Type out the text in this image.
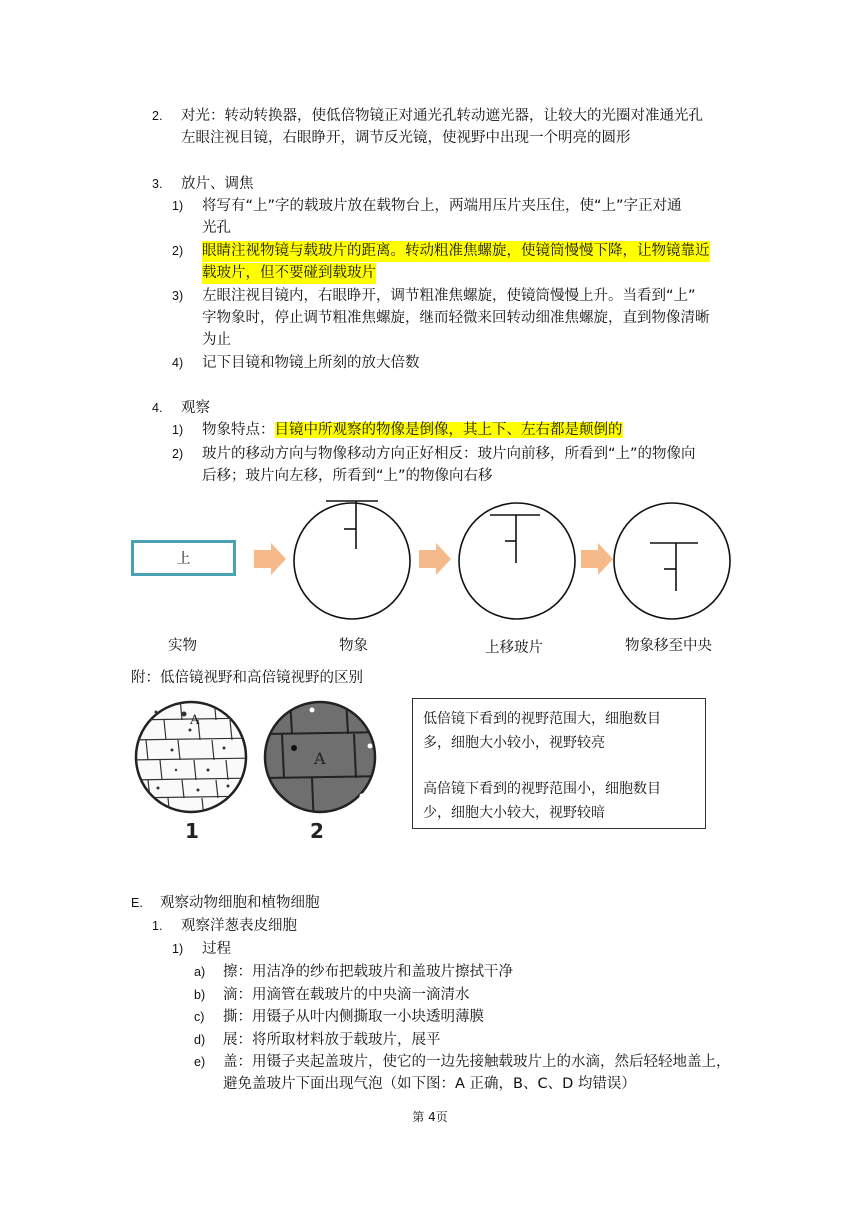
2. 对光：转动转换器，使低倍物镜正对通光孔转动遮光器，让较大的光圈对准通光孔
左眼注视目镜，右眼睁开，调节反光镜，使视野中出现一个明亮的圆形
3. 放片、调焦
1) 将写有“上”字的载玻片放在载物台上，两端用压片夹压住，使“上”字正对通
光孔
2) 眼睛注视物镜与载玻片的距离。转动粗准焦螺旋，使镜筒慢慢下降，让物镜靠近
载玻片，但不要碰到载玻片
3) 左眼注视目镜内，右眼睁开，调节粗准焦螺旋，使镜筒慢慢上升。当看到“上”
字物象时，停止调节粗准焦螺旋，继而轻微来回转动细准焦螺旋，直到物像清晰
为止
4) 记下目镜和物镜上所刻的放大倍数
4. 观察
1) 物象特点：目镜中所观察的物像是倒像，其上下、左右都是颠倒的
2) 玻片的移动方向与物像移动方向正好相反：玻片向前移，所看到“上”的物像向
后移；玻片向左移，所看到“上”的物像向右移
上
实物	物象	上移玻片	物象移至中央
附：低倍镜视野和高倍镜视野的区别
A
1
A
2
低倍镜下看到的视野范围大，细胞数目
多，细胞大小较小，视野较亮
高倍镜下看到的视野范围小，细胞数目
少，细胞大小较大，视野较暗
E. 观察动物细胞和植物细胞
1. 观察洋葱表皮细胞
1) 过程
a) 擦：用洁净的纱布把载玻片和盖玻片擦拭干净
b) 滴：用滴管在载玻片的中央滴一滴清水
c) 撕：用镊子从叶内侧撕取一小块透明薄膜
d) 展：将所取材料放于载玻片，展平
e) 盖：用镊子夹起盖玻片，使它的一边先接触载玻片上的水滴，然后轻轻地盖上，
避免盖玻片下面出现气泡（如下图：A 正确，B、C、D 均错误）
第 4页
